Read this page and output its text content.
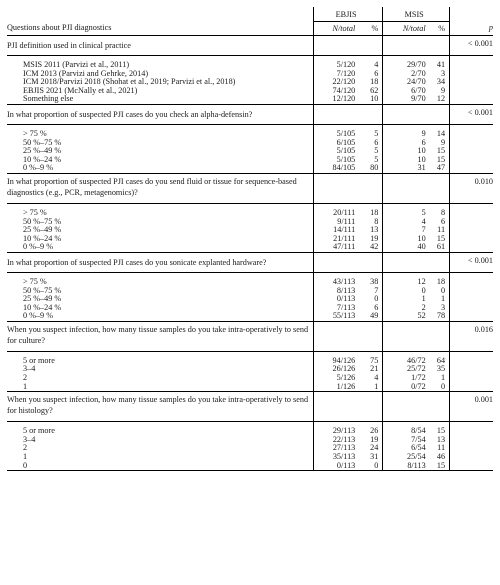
	EBJIS		MSIS		
Questions about PJI diagnostics	N/total	%	N/total	%	p
PJI definition used in clinical practice					< 0.001

MSIS 2011 (Parvizi et al., 2011)	5/120	4	29/70	41	
ICM 2013 (Parvizi and Gehrke, 2014)	7/120	6	2/70	3	
ICM 2018/Parvizi 2018 (Shohat et al., 2019; Parvizi et al., 2018)	22/120	18	24/70	34	
EBJIS 2021 (McNally et al., 2021)	74/120	62	6/70	9	
Something else	12/120	10	9/70	12	
In what proportion of suspected PJI cases do you check an alpha-defensin?					< 0.001

> 75 %	5/105	5	9	14	
50 %–75 %	6/105	6	6	9	
25 %–49 %	5/105	5	10	15	
10 %–24 %	5/105	5	10	15	
0 %–9 %	84/105	80	31	47	
In what proportion of suspected PJI cases do you send fluid or tissue for sequence-based diagnostics (e.g., PCR, metagenomics)?					0.010

> 75 %	20/111	18	5	8	
50 %–75 %	9/111	8	4	6	
25 %–49 %	14/111	13	7	11	
10 %–24 %	21/111	19	10	15	
0 %–9 %	47/111	42	40	61	
In what proportion of suspected PJI cases do you sonicate explanted hardware?					< 0.001

> 75 %	43/113	38	12	18	
50 %–75 %	8/113	7	0	0	
25 %–49 %	0/113	0	1	1	
10 %–24 %	7/113	6	2	3	
0 %–9 %	55/113	49	52	78	
When you suspect infection, how many tissue samples do you take intra-operatively to send for culture?					0.016

5 or more	94/126	75	46/72	64	
3–4	26/126	21	25/72	35	
2	5/126	4	1/72	1	
1	1/126	1	0/72	0	
When you suspect infection, how many tissue samples do you take intra-operatively to send for histology?					0.001

5 or more	29/113	26	8/54	15	
3–4	22/113	19	7/54	13	
2	27/113	24	6/54	11	
1	35/113	31	25/54	46	
0	0/113	0	8/113	15	
